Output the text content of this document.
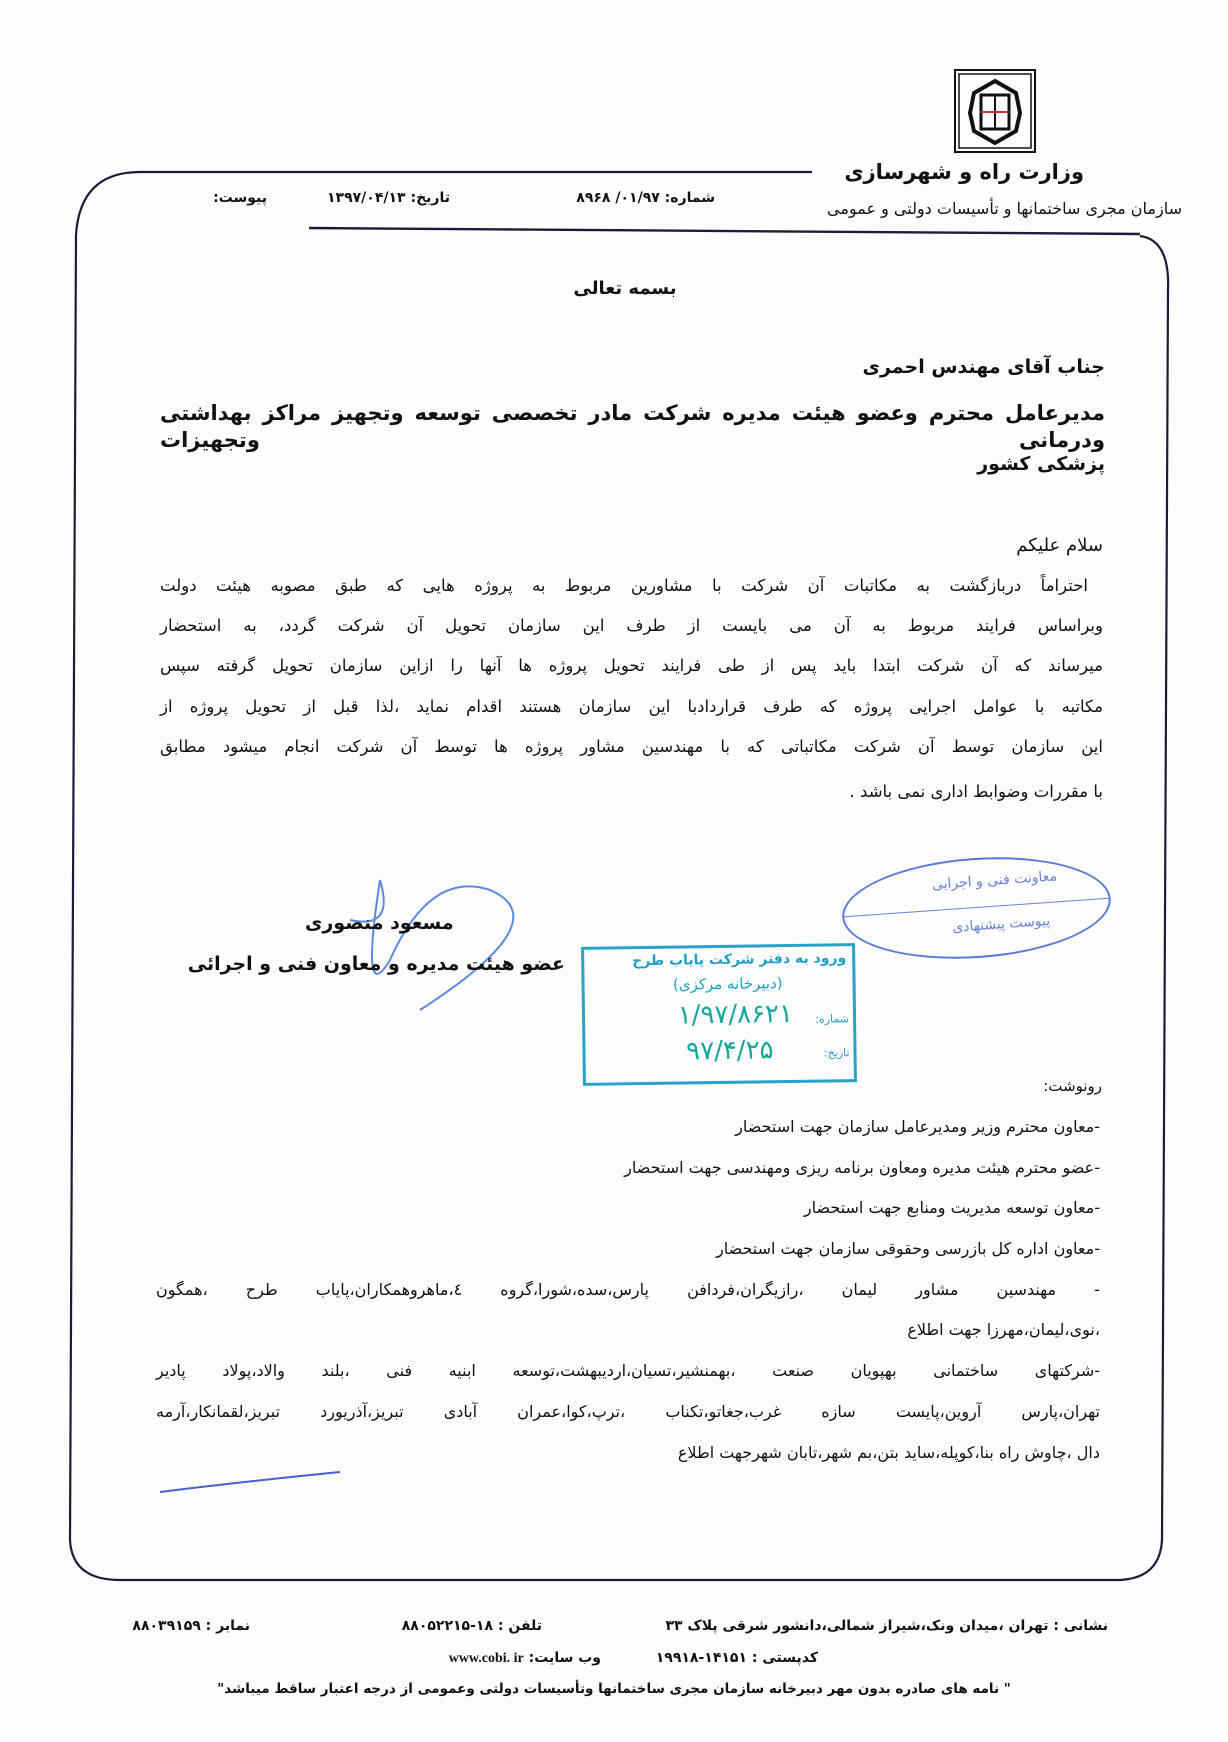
وزارت راه و شهرسازی
سازمان مجری ساختمانها و تأسیسات دولتی و عمومی
شماره: ۰۱/۹۷/ ۸۹۶۸
تاریخ: ۱۳۹۷/۰۴/۱۳
پیوست:
بسمه تعالی
جناب آقای مهندس احمری
مدیرعامل محترم وعضو هیئت مدیره شرکت مادر تخصصی توسعه وتجهیز مراکز بهداشتی ودرمانی وتجهیزات
پزشکی کشور
سلام علیکم
احتراماً دربازگشت به مکاتبات آن شرکت با مشاورین مربوط به پروژه هایی که طبق مصوبه هیئت دولت
وبراساس فرایند مربوط به آن می بایست از طرف این سازمان تحویل آن شرکت گردد، به استحضار
میرساند که آن شرکت ابتدا باید پس از طی فرایند تحویل پروژه ها آنها را ازاین سازمان تحویل گرفته سپس
مکاتبه با عوامل اجرایی پروژه که طرف قراردادبا این سازمان هستند اقدام نماید ،لذا قبل از تحویل پروژه از
این سازمان توسط آن شرکت مکاتباتی که با مهندسین مشاور پروژه ها توسط آن شرکت انجام میشود مطابق
با مقررات وضوابط اداری نمی باشد .
مسعود منصوری
عضو هیئت مدیره و معاون فنی و اجرائی
معاونت فنی و اجرایی
پیوست پیشنهادی
ورود به دفتر شرکت پایاب طرح
(دبیرخانه مرکزی)
شماره:
۱/۹۷/۸۶۲۱
تاریخ:
۹۷/۴/۲۵
رونوشت:
-معاون محترم وزیر ومدیرعامل سازمان جهت استحضار
-عضو محترم هیئت مدیره ومعاون برنامه ریزی ومهندسی جهت استحضار
-معاون توسعه مدیریت ومنابع جهت استحضار
-معاون اداره کل بازرسی وحقوقی سازمان جهت استحضار
- مهندسین مشاور لیمان ،رازیگران،فردافن پارس،سده،شورا،گروه ٤،ماهروهمکاران،پایاب طرح ،همگون
،نوی،لیمان،مهرزا جهت اطلاع
-شرکتهای ساختمانی بهپویان صنعت ،بهمنشیر،تسیان،اردیبهشت،توسعه ابنیه فنی ،بلند والاد،پولاد پادیر
تهران،پارس آروین،پایست سازه غرب،جغاتو،تکناب ،ترپ،کوا،عمران آبادی تبریز،آذریورد تبریز،لقمانکار،آرمه
دال ،چاوش راه بنا،کوپله،ساید بتن،بم شهر،تابان شهرجهت اطلاع
نشانی : تهران ،میدان ونک،شیراز شمالی،دانشور شرقی پلاک ۳۳
تلفن : ۱۸-۸۸۰۵۲۲۱۵
نمابر : ۸۸۰۳۹۱۵۹
کدپستی : ۱۴۱۵۱-۱۹۹۱۸
وب سایت: www.cobi. ir
" نامه های صادره بدون مهر دبیرخانه سازمان مجری ساختمانها وتأسیسات دولتی وعمومی از درجه اعتبار ساقط میباشد"
